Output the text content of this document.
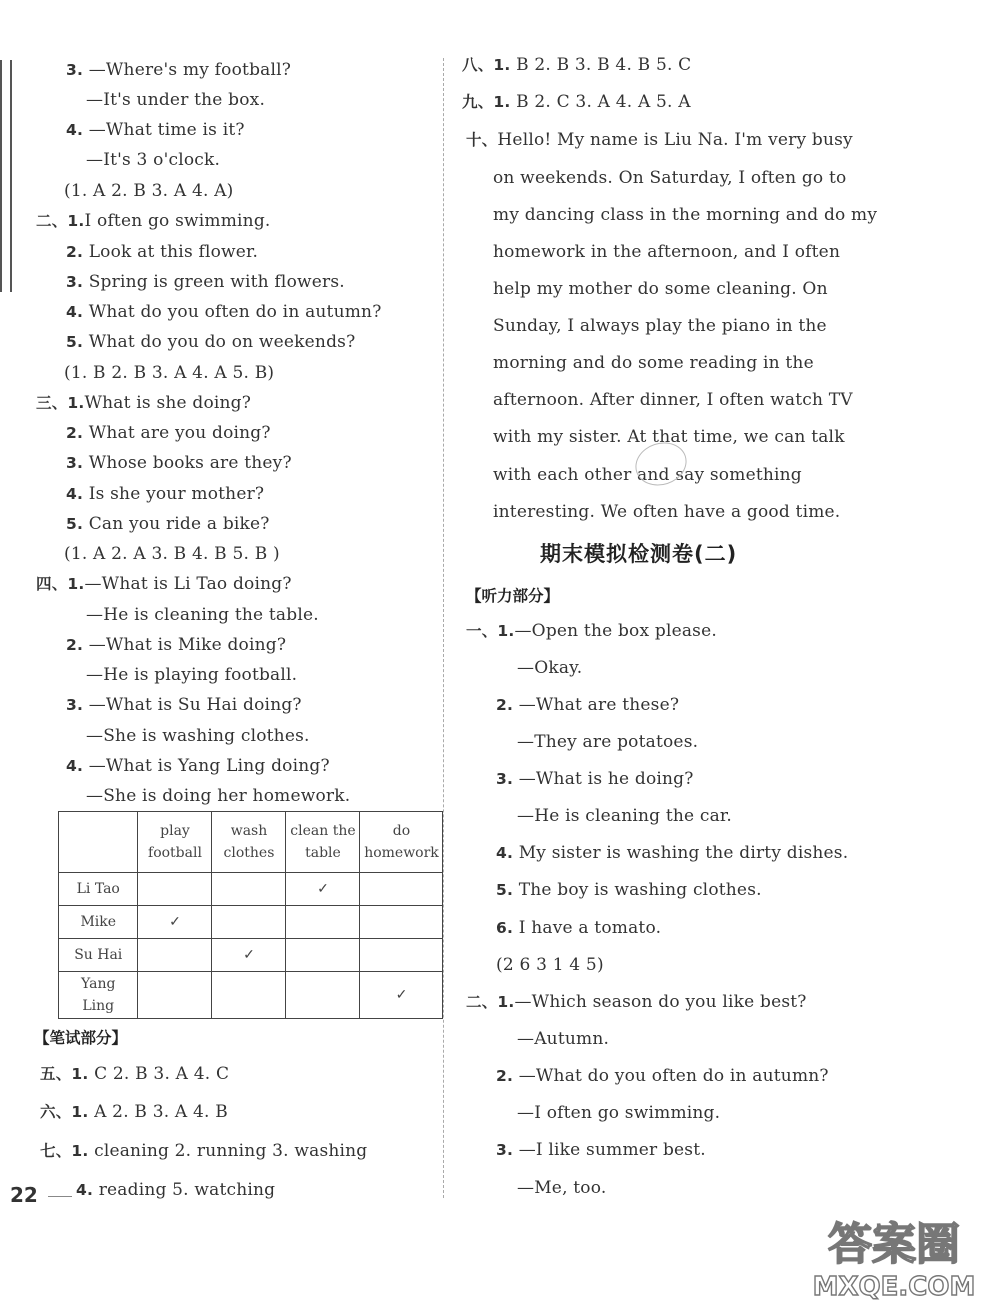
3. —Where's my football?
—It's under the box.
4. —What time is it?
—It's 3 o'clock.
(1. A 2. B 3. A 4. A)
二、1.I often go swimming.
2. Look at this flower.
3. Spring is green with flowers.
4. What do you often do in autumn?
5. What do you do on weekends?
(1. B 2. B 3. A 4. A 5. B)
三、1.What is she doing?
2. What are you doing?
3. Whose books are they?
4. Is she your mother?
5. Can you ride a bike?
(1. A 2. A 3. B 4. B 5. B )
四、1.—What is Li Tao doing?
—He is cleaning the table.
2. —What is Mike doing?
—He is playing football.
3. —What is Su Hai doing?
—She is washing clothes.
4. —What is Yang Ling doing?
—She is doing her homework.
	play football	wash clothes	clean the table	do homework
Li Tao			✓	
Mike	✓			
Su Hai		✓		
Yang Ling				✓
【笔试部分】
五、1. C 2. B 3. A 4. C
六、1. A 2. B 3. A 4. B
七、1. cleaning 2. running 3. washing
4. reading 5. watching
八、1. B 2. B 3. B 4. B 5. C
九、1. B 2. C 3. A 4. A 5. A
十、Hello! My name is Liu Na. I'm very busy
on weekends. On Saturday, I often go to
my dancing class in the morning and do my
homework in the afternoon, and I often
help my mother do some cleaning. On
Sunday, I always play the piano in the
morning and do some reading in the
afternoon. After dinner, I often watch TV
with my sister. At that time, we can talk
with each other and say something
interesting. We often have a good time.
期末模拟检测卷(二)
【听力部分】
一、1.—Open the box please.
—Okay.
2. —What are these?
—They are potatoes.
3. —What is he doing?
—He is cleaning the car.
4. My sister is washing the dirty dishes.
5. The boy is washing clothes.
6. I have a tomato.
(2 6 3 1 4 5)
二、1.—Which season do you like best?
—Autumn.
2. —What do you often do in autumn?
—I often go swimming.
3. —I like summer best.
—Me, too.
22
答案圈
MXQE.COM
